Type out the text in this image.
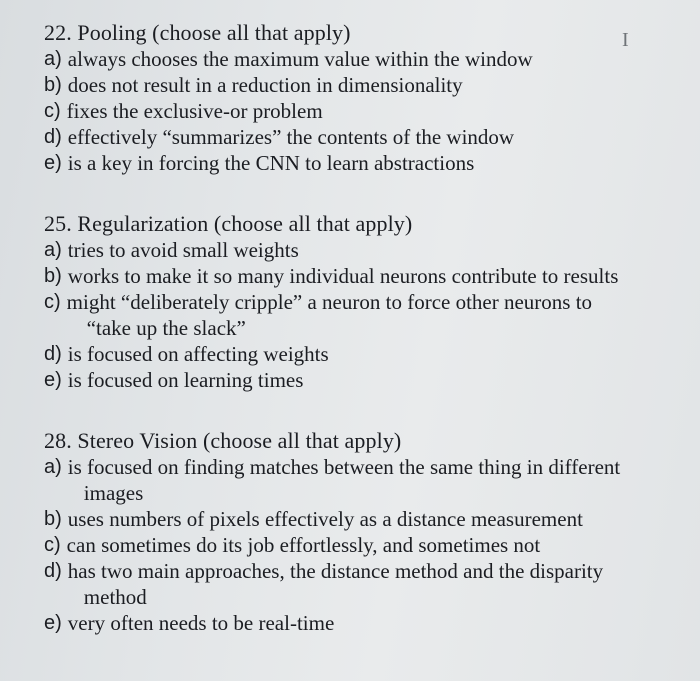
I
22. Pooling (choose all that apply)
a) always chooses the maximum value within the window
b) does not result in a reduction in dimensionality
c) fixes the exclusive-or problem
d) effectively “summarizes” the contents of the window
e) is a key in forcing the CNN to learn abstractions
25. Regularization (choose all that apply)
a) tries to avoid small weights
b) works to make it so many individual neurons contribute to results
c) might “deliberately cripple” a neuron to force other neurons to
“take up the slack”
d) is focused on affecting weights
e) is focused on learning times
28. Stereo Vision (choose all that apply)
a) is focused on finding matches between the same thing in different
images
b) uses numbers of pixels effectively as a distance measurement
c) can sometimes do its job effortlessly, and sometimes not
d) has two main approaches, the distance method and the disparity
method
e) very often needs to be real-time
